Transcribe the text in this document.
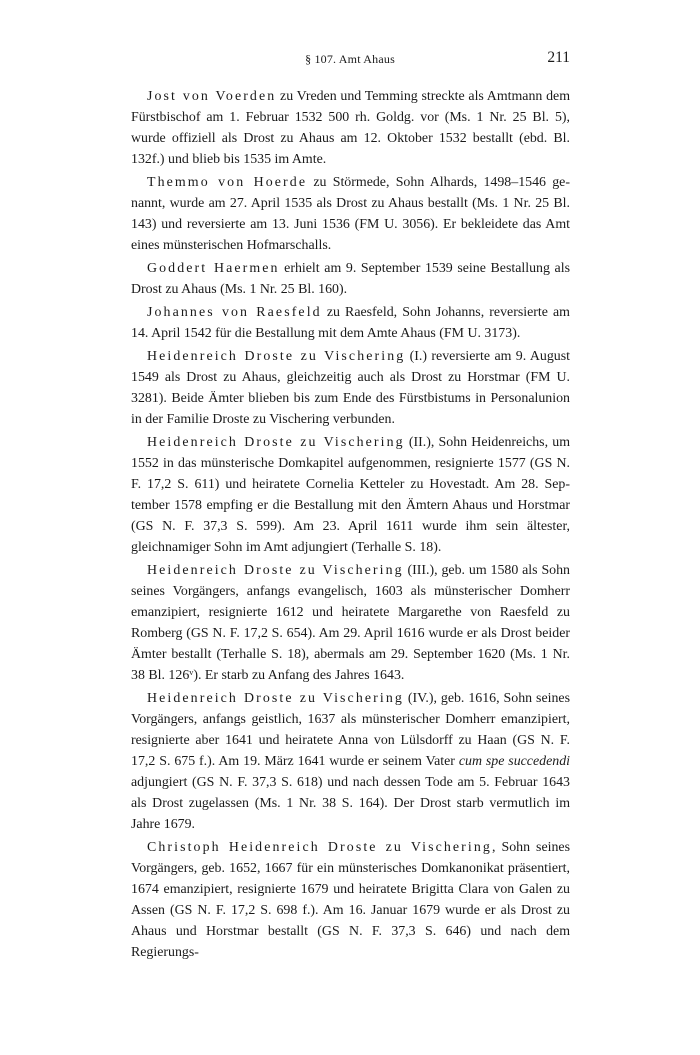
§ 107. Amt Ahaus	211

Jost von Voerden zu Vreden und Temming streckte als Amtmann dem Fürstbischof am 1. Februar 1532 500 rh. Goldg. vor (Ms. 1 Nr. 25 Bl. 5), wurde offiziell als Drost zu Ahaus am 12. Oktober 1532 bestallt (ebd. Bl. 132f.) und blieb bis 1535 im Amte.

Themmo von Hoerde zu Störmede, Sohn Alhards, 1498–1546 genannt, wurde am 27. April 1535 als Drost zu Ahaus bestallt (Ms. 1 Nr. 25 Bl. 143) und reversierte am 13. Juni 1536 (FM U. 3056). Er bekleidete das Amt eines münsterischen Hofmarschalls.

Goddert Haermen erhielt am 9. September 1539 seine Bestallung als Drost zu Ahaus (Ms. 1 Nr. 25 Bl. 160).

Johannes von Raesfeld zu Raesfeld, Sohn Johanns, reversierte am 14. April 1542 für die Bestallung mit dem Amte Ahaus (FM U. 3173).

Heidenreich Droste zu Vischering (I.) reversierte am 9. August 1549 als Drost zu Ahaus, gleichzeitig auch als Drost zu Horstmar (FM U. 3281). Beide Ämter blieben bis zum Ende des Fürstbistums in Personalunion in der Familie Droste zu Vischering verbunden.

Heidenreich Droste zu Vischering (II.), Sohn Heidenreichs, um 1552 in das münsterische Domkapitel aufgenommen, resignierte 1577 (GS N. F. 17,2 S. 611) und heiratete Cornelia Ketteler zu Hovestadt. Am 28. September 1578 empfing er die Bestallung mit den Ämtern Ahaus und Horstmar (GS N. F. 37,3 S. 599). Am 23. April 1611 wurde ihm sein ältester, gleichnamiger Sohn im Amt adjungiert (Terhalle S. 18).

Heidenreich Droste zu Vischering (III.), geb. um 1580 als Sohn seines Vorgängers, anfangs evangelisch, 1603 als münsterischer Domherr emanzipiert, resignierte 1612 und heiratete Margarethe von Raesfeld zu Romberg (GS N. F. 17,2 S. 654). Am 29. April 1616 wurde er als Drost beider Ämter bestallt (Terhalle S. 18), abermals am 29. September 1620 (Ms. 1 Nr. 38 Bl. 126ᵛ). Er starb zu Anfang des Jahres 1643.

Heidenreich Droste zu Vischering (IV.), geb. 1616, Sohn seines Vorgängers, anfangs geistlich, 1637 als münsterischer Domherr emanzipiert, resignierte aber 1641 und heiratete Anna von Lülsdorff zu Haan (GS N. F. 17,2 S. 675 f.). Am 19. März 1641 wurde er seinem Vater cum spe succedendi adjungiert (GS N. F. 37,3 S. 618) und nach dessen Tode am 5. Februar 1643 als Drost zugelassen (Ms. 1 Nr. 38 S. 164). Der Drost starb vermutlich im Jahre 1679.

Christoph Heidenreich Droste zu Vischering, Sohn seines Vorgängers, geb. 1652, 1667 für ein münsterisches Domkanonikat präsentiert, 1674 emanzipiert, resignierte 1679 und heiratete Brigitta Clara von Galen zu Assen (GS N. F. 17,2 S. 698 f.). Am 16. Januar 1679 wurde er als Drost zu Ahaus und Horstmar bestallt (GS N. F. 37,3 S. 646) und nach dem Regierungs-
